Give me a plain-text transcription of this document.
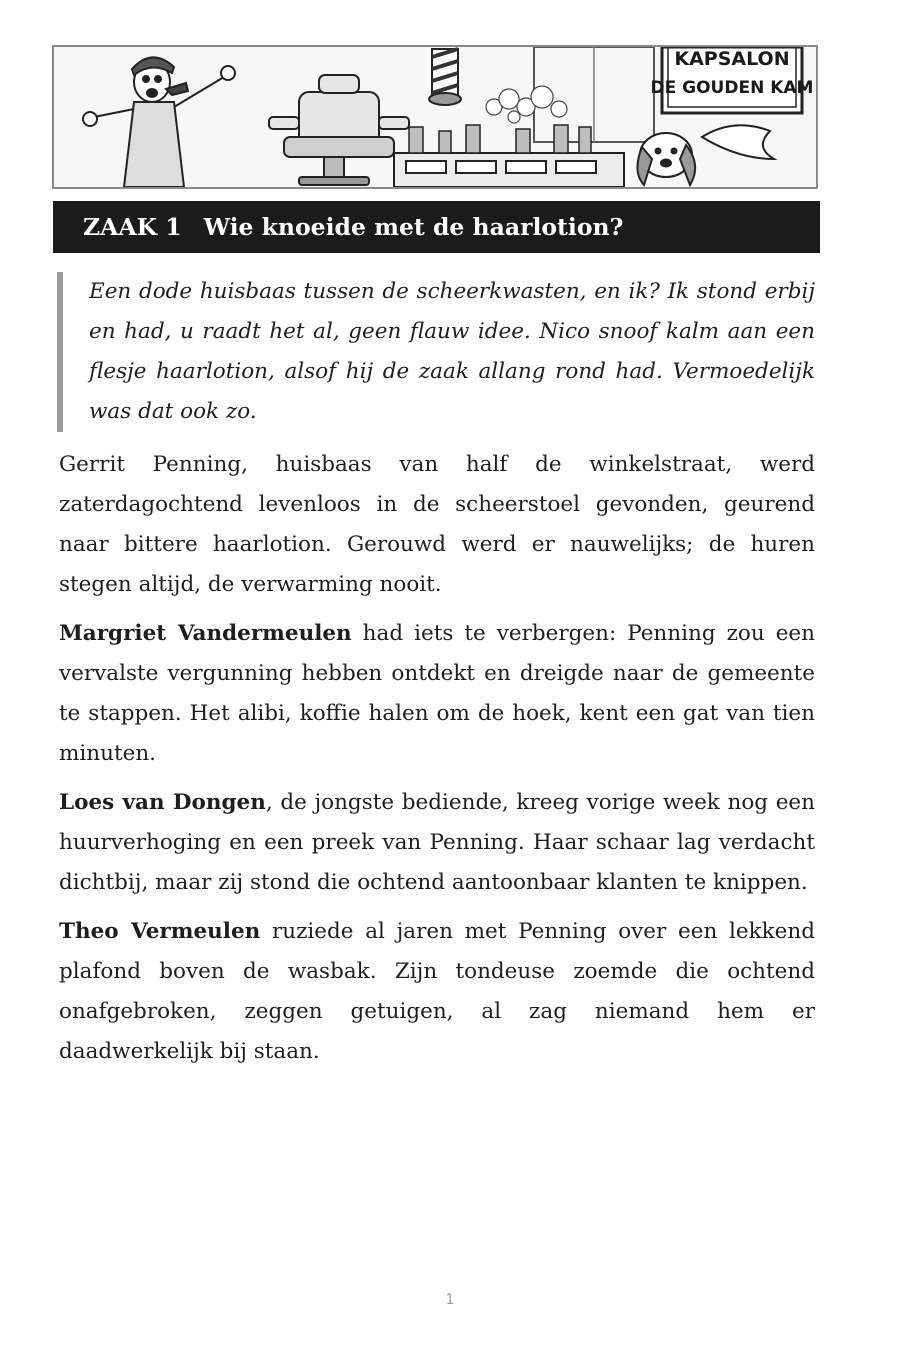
KAPSALON
DE GOUDEN KAM
ZAAK 1 Wie knoeide met de haarlotion?
Een dode huisbaas tussen de scheerkwasten, en ik? Ik stond erbij en had, u raadt het al, geen flauw idee. Nico snoof kalm aan een flesje haarlotion, alsof hij de zaak allang rond had. Vermoedelijk was dat ook zo.

Gerrit Penning, huisbaas van half de winkelstraat, werd zaterdagochtend levenloos in de scheerstoel gevonden, geurend naar bittere haarlotion. Gerouwd werd er nauwelijks; de huren stegen altijd, de verwarming nooit.

Margriet Vandermeulen had iets te verbergen: Penning zou een vervalste vergunning hebben ontdekt en dreigde naar de gemeente te stappen. Het alibi, koffie halen om de hoek, kent een gat van tien minuten.

Loes van Dongen, de jongste bediende, kreeg vorige week nog een huurverhoging en een preek van Penning. Haar schaar lag verdacht dichtbij, maar zij stond die ochtend aantoonbaar klanten te knippen.

Theo Vermeulen ruziede al jaren met Penning over een lekkend plafond boven de wasbak. Zijn tondeuse zoemde die ochtend onafgebroken, zeggen getuigen, al zag niemand hem er daadwerkelijk bij staan.

1
